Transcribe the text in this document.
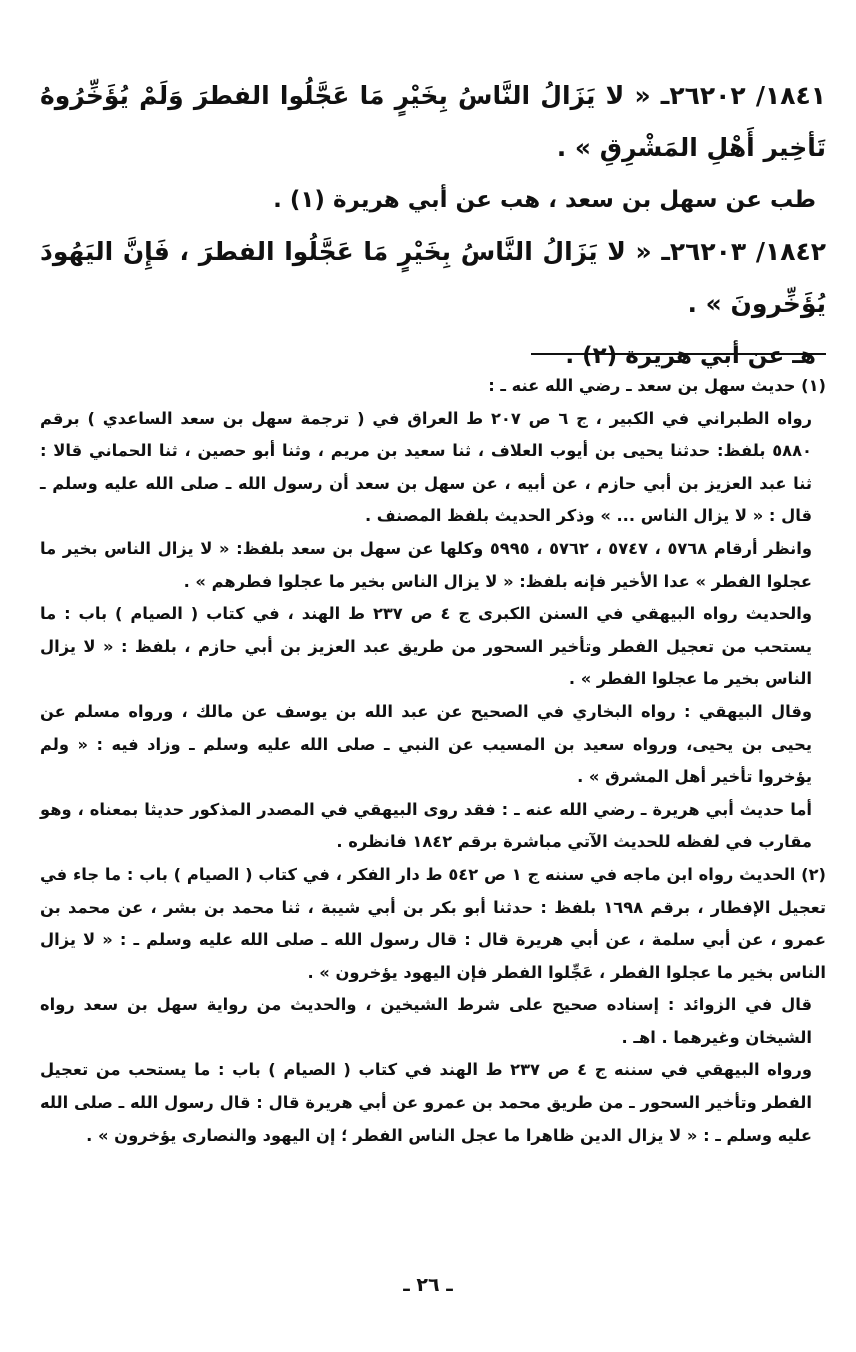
١٨٤١/ ٢٦٢٠٢ـ « لا يَزَالُ النَّاسُ بِخَيْرٍ مَا عَجَّلُوا الفطرَ وَلَمْ يُؤَخِّرُوهُ تَأخِير أَهْلِ المَشْرِقِ » .

طب عن سهل بن سعد ، هب عن أبي هريرة (١) .

١٨٤٢/ ٢٦٢٠٣ـ « لا يَزَالُ النَّاسُ بِخَيْرٍ مَا عَجَّلُوا الفطرَ ، فَإِنَّ اليَهُودَ يُؤَخِّرونَ » .

هـ عن أبي هريرة (٢) .

(١) حديث سهل بن سعد ـ رضي الله عنه ـ :

رواه الطبراني في الكبير ، ج ٦ ص ٢٠٧ ط العراق في ( ترجمة سهل بن سعد الساعدي ) برقم ٥٨٨٠ بلفظ: حدثنا يحيى بن أيوب العلاف ، ثنا سعيد بن مريم ، وثنا أبو حصين ، ثنا الحماني قالا : ثنا عبد العزيز بن أبي حازم ، عن أبيه ، عن سهل بن سعد أن رسول الله ـ صلى الله عليه وسلم ـ قال : « لا يزال الناس ... » وذكر الحديث بلفظ المصنف .

وانظر أرقام ٥٧٦٨ ، ٥٧٤٧ ، ٥٧٦٢ ، ٥٩٩٥ وكلها عن سهل بن سعد بلفظ: « لا يزال الناس بخير ما عجلوا الفطر » عدا الأخير فإنه بلفظ: « لا يزال الناس بخير ما عجلوا فطرهم » .

والحديث رواه البيهقي في السنن الكبرى ج ٤ ص ٢٣٧ ط الهند ، في كتاب ( الصيام ) باب : ما يستحب من تعجيل الفطر وتأخير السحور من طريق عبد العزيز بن أبي حازم ، بلفظ : « لا يزال الناس بخير ما عجلوا الفطر » .

وقال البيهقي : رواه البخاري في الصحيح عن عبد الله بن يوسف عن مالك ، ورواه مسلم عن يحيى بن يحيى، ورواه سعيد بن المسيب عن النبي ـ صلى الله عليه وسلم ـ وزاد فيه : « ولم يؤخروا تأخير أهل المشرق » .

أما حديث أبي هريرة ـ رضي الله عنه ـ : فقد روى البيهقي في المصدر المذكور حديثا بمعناه ، وهو مقارب في لفظه للحديث الآتي مباشرة برقم ١٨٤٢ فانظره .

(٢) الحديث رواه ابن ماجه في سننه ج ١ ص ٥٤٢ ط دار الفكر ، في كتاب ( الصيام ) باب : ما جاء في تعجيل الإفطار ، برقم ١٦٩٨ بلفظ : حدثنا أبو بكر بن أبي شيبة ، ثنا محمد بن بشر ، عن محمد بن عمرو ، عن أبي سلمة ، عن أبي هريرة قال : قال رسول الله ـ صلى الله عليه وسلم ـ : « لا يزال الناس بخير ما عجلوا الفطر ، عَجِّلوا الفطر فإن اليهود يؤخرون » .

قال في الزوائد : إسناده صحيح على شرط الشيخين ، والحديث من رواية سهل بن سعد رواه الشيخان وغيرهما . اهـ .

ورواه البيهقي في سننه ج ٤ ص ٢٣٧ ط الهند في كتاب ( الصيام ) باب : ما يستحب من تعجيل الفطر وتأخير السحور ـ من طريق محمد بن عمرو عن أبي هريرة قال : قال رسول الله ـ صلى الله عليه وسلم ـ : « لا يزال الدين ظاهرا ما عجل الناس الفطر ؛ إن اليهود والنصارى يؤخرون » .

ـ ٢٦ ـ
